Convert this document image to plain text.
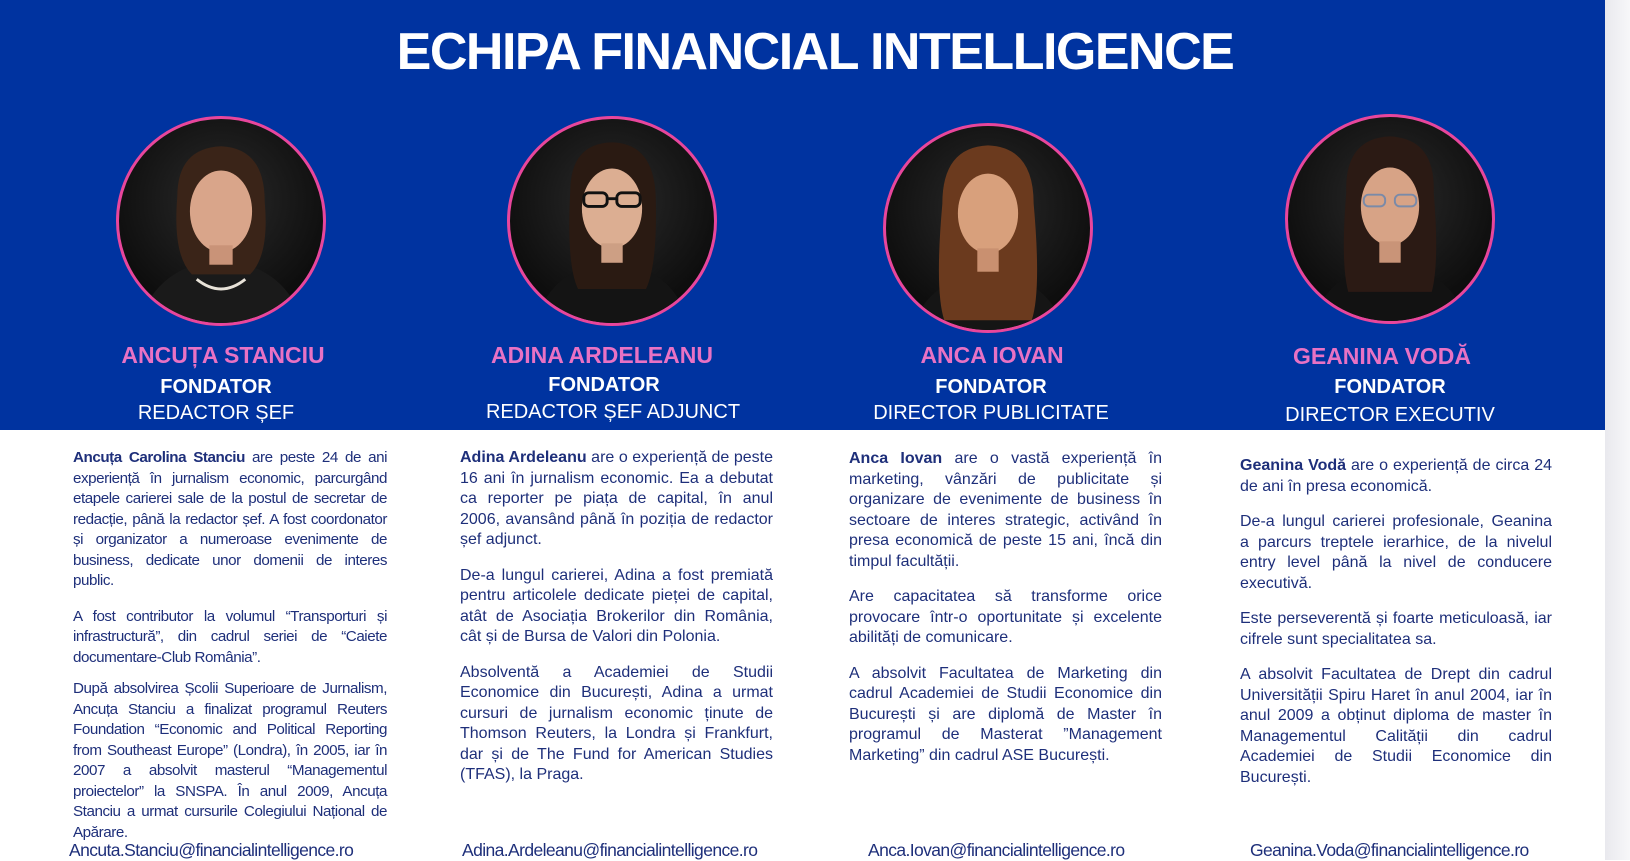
ECHIPA FINANCIAL INTELLIGENCE
ANCUȚA STANCIU
FONDATOR
REDACTOR ȘEF

Ancuța Carolina Stanciu are peste 24 de ani experiență în jurnalism economic, parcurgând etapele carierei sale de la postul de secretar de redacție, până la redactor șef. A fost coordonator și organizator a numeroase evenimente de business, dedicate unor domenii de interes public.

A fost contributor la volumul “Transporturi și infrastructură”, din cadrul seriei de “Caiete documentare-Club România”.

După absolvirea Școlii Superioare de Jurnalism, Ancuța Stanciu a finalizat programul Reuters Foundation “Economic and Political Reporting from Southeast Europe” (Londra), în 2005, iar în 2007 a absolvit masterul “Managementul proiectelor” la SNSPA. În anul 2009, Ancuța Stanciu a urmat cursurile Colegiului Național de Apărare.

Ancuta.Stanciu@financialintelligence.ro
ADINA ARDELEANU
FONDATOR
REDACTOR ȘEF ADJUNCT

Adina Ardeleanu are o experiență de peste 16 ani în jurnalism economic. Ea a debutat ca reporter pe piața de capital, în anul 2006, avansând până în poziția de redactor șef adjunct.

De-a lungul carierei, Adina a fost premiată pentru articolele dedicate pieței de capital, atât de Asociația Brokerilor din România, cât și de Bursa de Valori din Polonia.

Absolventă a Academiei de Studii Economice din București, Adina a urmat cursuri de jurnalism economic ținute de Thomson Reuters, la Londra și Frankfurt, dar și de The Fund for American Studies (TFAS), la Praga.

Adina.Ardeleanu@financialintelligence.ro
ANCA IOVAN
FONDATOR
DIRECTOR PUBLICITATE

Anca Iovan are o vastă experiență în marketing, vânzări de publicitate și organizare de evenimente de business în sectoare de interes strategic, activând în presa economică de peste 15 ani, încă din timpul facultății.

Are capacitatea să transforme orice provocare într-o oportunitate și excelente abilități de comunicare.

A absolvit Facultatea de Marketing din cadrul Academiei de Studii Economice din București și are diplomă de Master în programul de Masterat ”Management Marketing” din cadrul ASE București.

Anca.Iovan@financialintelligence.ro
GEANINA VODĂ
FONDATOR
DIRECTOR EXECUTIV

Geanina Vodă are o experiență de circa 24 de ani în presa economică.

De-a lungul carierei profesionale, Geanina a parcurs treptele ierarhice, de la nivelul entry level până la nivel de conducere executivă.

Este perseverentă și foarte meticuloasă, iar cifrele sunt specialitatea sa.

A absolvit Facultatea de Drept din cadrul Universității Spiru Haret în anul 2004, iar în anul 2009 a obținut diploma de master în Managementul Calității din cadrul Academiei de Studii Economice din București.

Geanina.Voda@financialintelligence.ro
